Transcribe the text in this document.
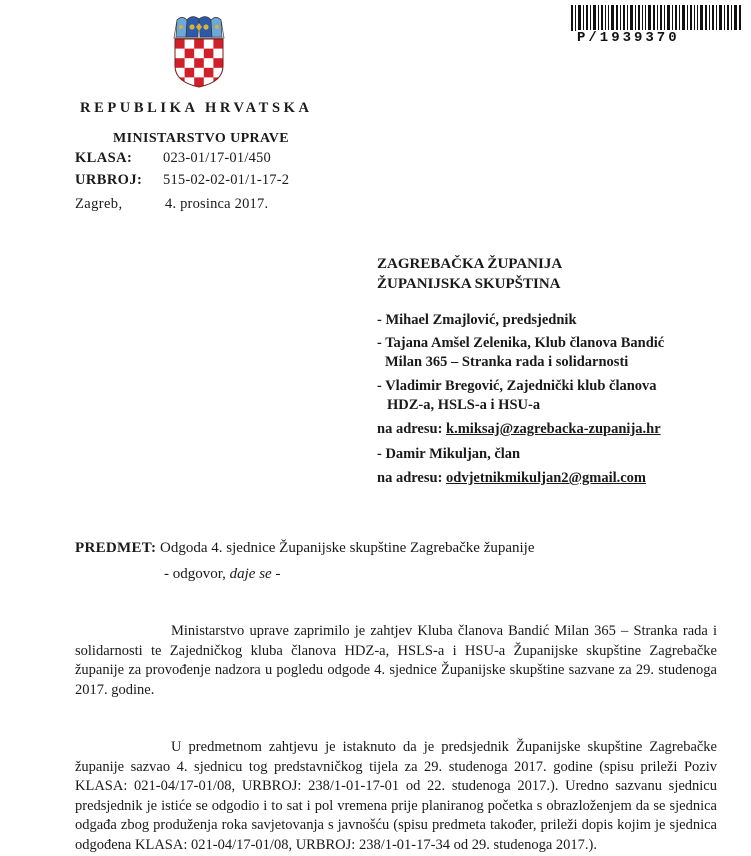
P/1939370
REPUBLIKA HRVATSKA
MINISTARSTVO UPRAVE
KLASA: 023-01/17-01/450
URBROJ: 515-02-02-01/1-17-2
Zagreb,	4. prosinca 2017.
ZAGREBAČKA ŽUPANIJA
ŽUPANIJSKA SKUPŠTINA
- Mihael Zmajlović, predsjednik
- Tajana Amšel Zelenika, Klub članova Bandić
Milan 365 – Stranka rada i solidarnosti
- Vladimir Bregović, Zajednički klub članova
HDZ-a, HSLS-a i HSU-a
na adresu: k.miksaj@zagrebacka-zupanija.hr
- Damir Mikuljan, član
na adresu: odvjetnikmikuljan2@gmail.com
PREDMET: Odgoda 4. sjednice Županijske skupštine Zagrebačke županije
- odgovor, daje se -

Ministarstvo uprave zaprimilo je zahtjev Kluba članova Bandić Milan 365 – Stranka rada i solidarnosti te Zajedničkog kluba članova HDZ-a, HSLS-a i HSU-a Županijske skupštine Zagrebačke županije za provođenje nadzora u pogledu odgode 4. sjednice Županijske skupštine sazvane za 29. studenoga 2017. godine.

U predmetnom zahtjevu je istaknuto da je predsjednik Županijske skupštine Zagrebačke županije sazvao 4. sjednicu tog predstavničkog tijela za 29. studenoga 2017. godine (spisu prileži Poziv KLASA: 021-04/17-01/08, URBROJ: 238/1-01-17-01 od 22. studenoga 2017.). Uredno sazvanu sjednicu predsjednik je istiće se odgodio i to sat i pol vremena prije planiranog početka s obrazloženjem da se sjednica odgađa zbog produženja roka savjetovanja s javnošću (spisu predmeta također, prileži dopis kojim je sjednica odgođena KLASA: 021-04/17-01/08, URBROJ: 238/1-01-17-34 od 29. studenoga 2017.).
